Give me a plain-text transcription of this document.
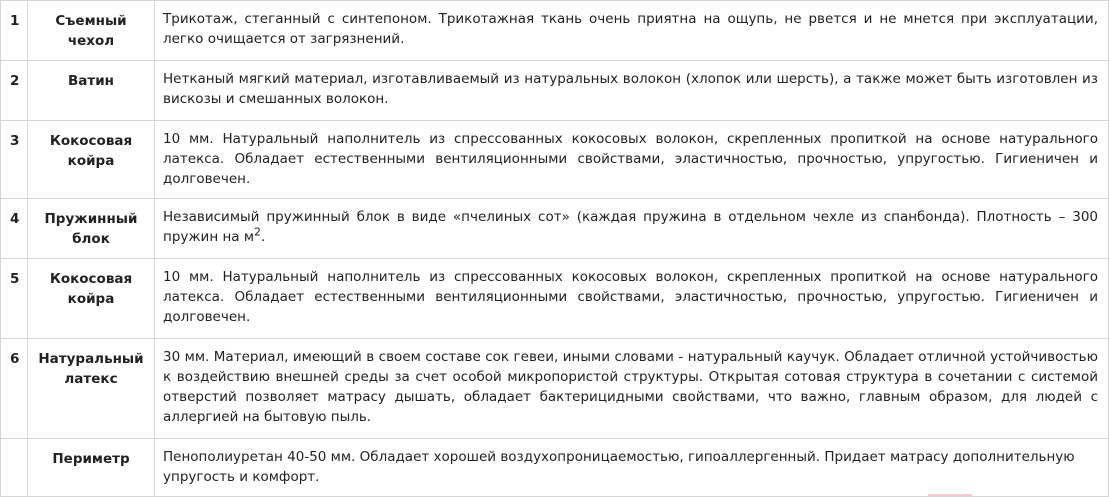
1	Съемный чехол	Трикотаж, стеганный с синтепоном. Трикотажная ткань очень приятна на ощупь, не рвется и не мнется при эксплуатации, легко очищается от загрязнений.
2	Ватин	Нетканый мягкий материал, изготавливаемый из натуральных волокон (хлопок или шерсть), а также может быть изготовлен из вискозы и смешанных волокон.
3	Кокосовая койра	10 мм. Натуральный наполнитель из спрессованных кокосовых волокон, скрепленных пропиткой на основе натурального латекса. Обладает естественными вентиляционными свойствами, эластичностью, прочностью, упругостью. Гигиеничен и долговечен.
4	Пружинный блок	Независимый пружинный блок в виде «пчелиных сот» (каждая пружина в отдельном чехле из спанбонда). Плотность – 300 пружин на $м^2$.
5	Кокосовая койра	10 мм. Натуральный наполнитель из спрессованных кокосовых волокон, скрепленных пропиткой на основе натурального латекса. Обладает естественными вентиляционными свойствами, эластичностью, прочностью, упругостью. Гигиеничен и долговечен.
6	Натуральный латекс	30 мм. Материал, имеющий в своем составе сок гевеи, иными словами - натуральный каучук. Обладает отличной устойчивостью к воздействию внешней среды за счет особой микропористой структуры. Открытая сотовая структура в сочетании с системой отверстий позволяет матрасу дышать, обладает бактерицидными свойствами, что важно, главным образом, для людей с аллергией на бытовую пыль.
	Периметр	Пенополиуретан 40-50 мм. Обладает хорошей воздухопроницаемостью, гипоаллергенный. Придает матрасу дополнительную упругость и комфорт.
